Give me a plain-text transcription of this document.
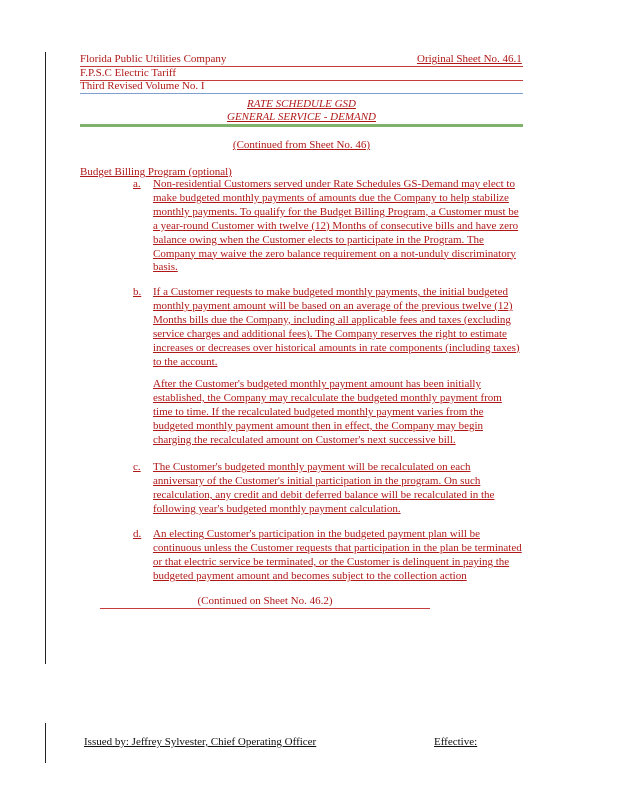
Florida Public Utilities Company	Original Sheet No. 46.1
F.P.S.C Electric Tariff
Third Revised Volume No. I
RATE SCHEDULE GSD
GENERAL SERVICE - DEMAND
(Continued from Sheet No. 46)
Budget Billing Program (optional)
a. Non-residential Customers served under Rate Schedules GS-Demand may elect to make budgeted monthly payments of amounts due the Company to help stabilize monthly payments. To qualify for the Budget Billing Program, a Customer must be a year-round Customer with twelve (12) Months of consecutive bills and have zero balance owing when the Customer elects to participate in the Program. The Company may waive the zero balance requirement on a not-unduly discriminatory basis.
b. If a Customer requests to make budgeted monthly payments, the initial budgeted monthly payment amount will be based on an average of the previous twelve (12) Months bills due the Company, including all applicable fees and taxes (excluding service charges and additional fees). The Company reserves the right to estimate increases or decreases over historical amounts in rate components (including taxes) to the account.
After the Customer's budgeted monthly payment amount has been initially established, the Company may recalculate the budgeted monthly payment from time to time. If the recalculated budgeted monthly payment varies from the budgeted monthly payment amount then in effect, the Company may begin charging the recalculated amount on Customer's next successive bill.
c. The Customer's budgeted monthly payment will be recalculated on each anniversary of the Customer's initial participation in the program. On such recalculation, any credit and debit deferred balance will be recalculated in the following year's budgeted monthly payment calculation.
d. An electing Customer's participation in the budgeted payment plan will be continuous unless the Customer requests that participation in the plan be terminated or that electric service be terminated, or the Customer is delinquent in paying the budgeted payment amount and becomes subject to the collection action
(Continued on Sheet No. 46.2)
Issued by: Jeffrey Sylvester, Chief Operating Officer	Effective:
